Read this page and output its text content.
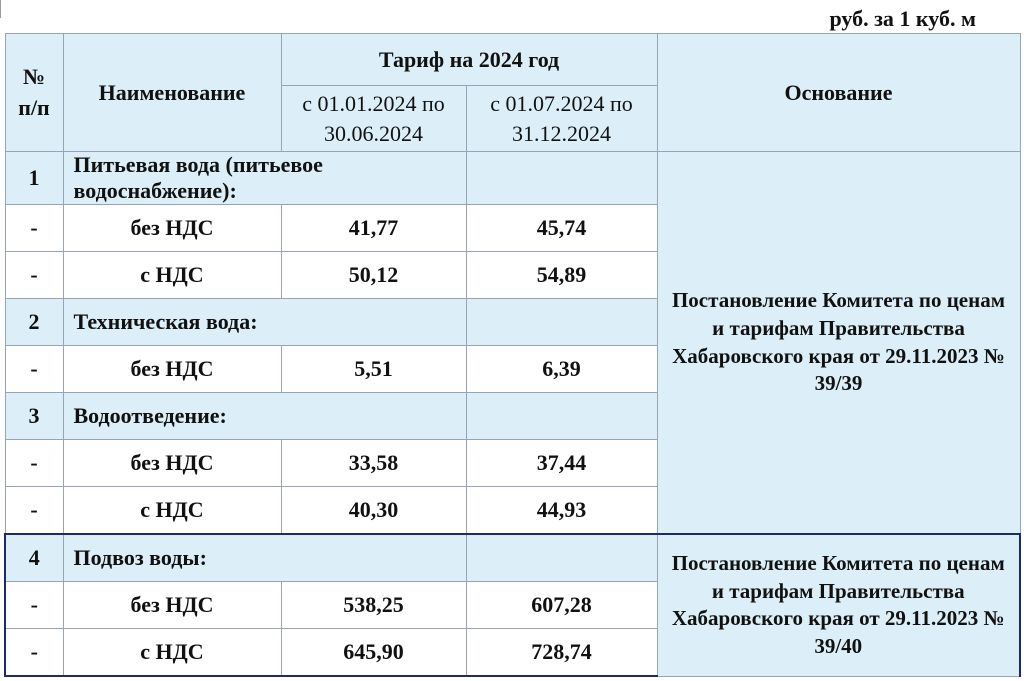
руб. за 1 куб. м
№ п/п	Наименование	Тариф на 2024 год		Основание
		с 01.01.2024 по 30.06.2024	с 01.07.2024 по 31.12.2024	
1	Питьевая вода (питьевое водоснабжение):			Постановление Комитета по ценам и тарифам Правительства Хабаровского края от 29.11.2023 № 39/39
-	без НДС	41,77	45,74	
-	с НДС	50,12	54,89	
2	Техническая вода:			
-	без НДС	5,51	6,39	
3	Водоотведение:			
-	без НДС	33,58	37,44	
-	с НДС	40,30	44,93	
4	Подвоз воды:			Постановление Комитета по ценам и тарифам Правительства Хабаровского края от 29.11.2023 № 39/40
-	без НДС	538,25	607,28	
-	с НДС	645,90	728,74	
